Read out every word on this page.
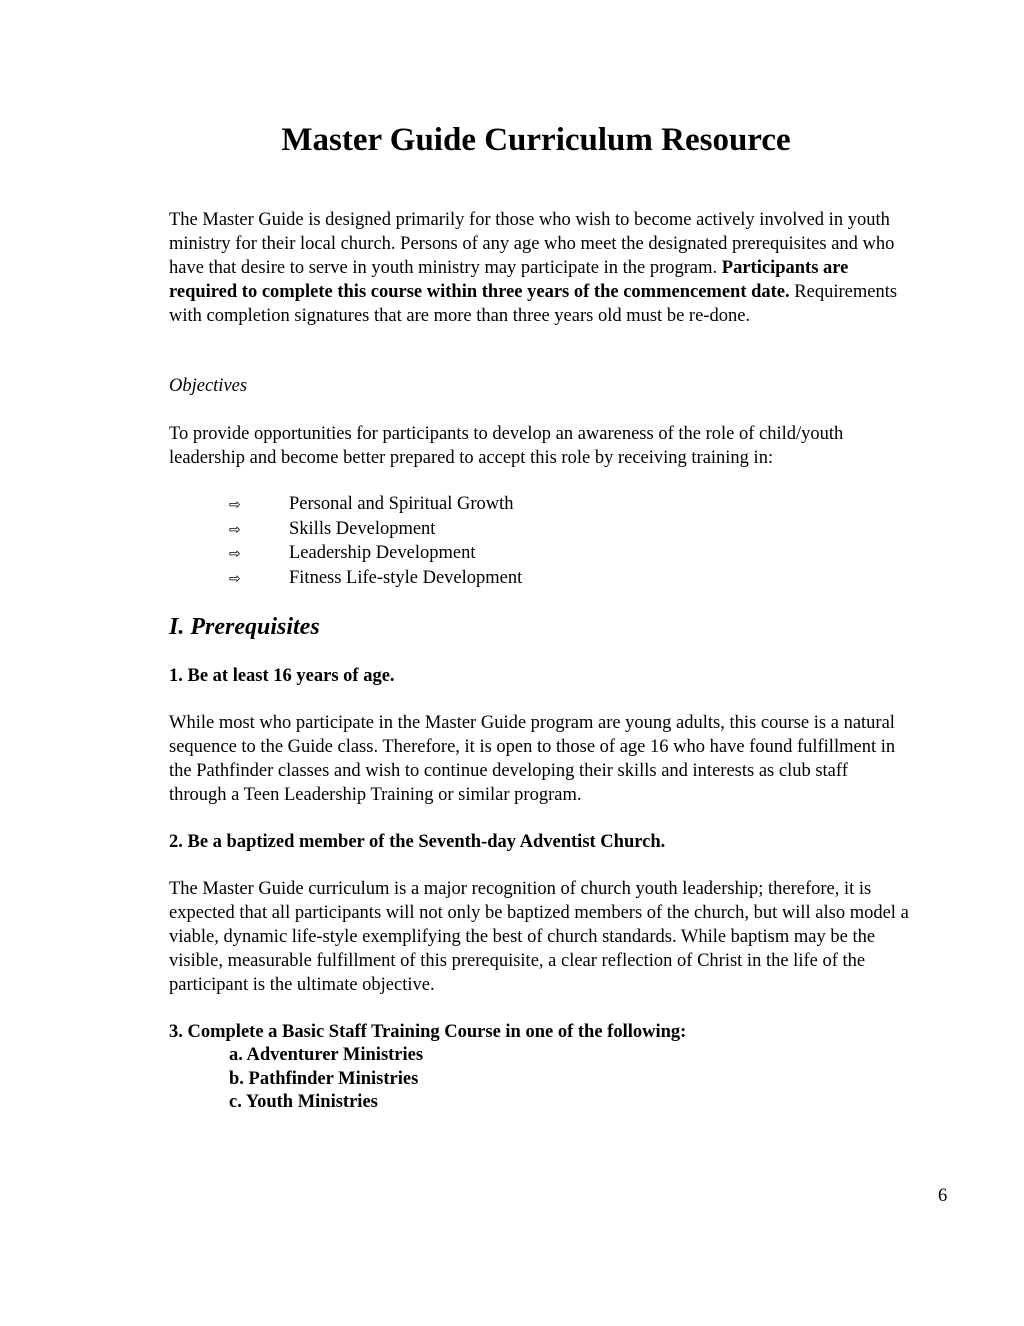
Master Guide Curriculum Resource

The Master Guide is designed primarily for those who wish to become actively involved in youth ministry for their local church. Persons of any age who meet the designated prerequisites and who have that desire to serve in youth ministry may participate in the program. Participants are required to complete this course within three years of the commencement date. Requirements with completion signatures that are more than three years old must be re-done.

Objectives

To provide opportunities for participants to develop an awareness of the role of child/youth leadership and become better prepared to accept this role by receiving training in:

⇨	Personal and Spiritual Growth
⇨	Skills Development
⇨	Leadership Development
⇨	Fitness Life-style Development
I. Prerequisites

1. Be at least 16 years of age.

While most who participate in the Master Guide program are young adults, this course is a natural sequence to the Guide class. Therefore, it is open to those of age 16 who have found fulfillment in the Pathfinder classes and wish to continue developing their skills and interests as club staff through a Teen Leadership Training or similar program.

2. Be a baptized member of the Seventh-day Adventist Church.

The Master Guide curriculum is a major recognition of church youth leadership; therefore, it is expected that all participants will not only be baptized members of the church, but will also model a viable, dynamic life-style exemplifying the best of church standards. While baptism may be the visible, measurable fulfillment of this prerequisite, a clear reflection of Christ in the life of the participant is the ultimate objective.

3. Complete a Basic Staff Training Course in one of the following:

a. Adventurer Ministries
b. Pathfinder Ministries
c. Youth Ministries

6
